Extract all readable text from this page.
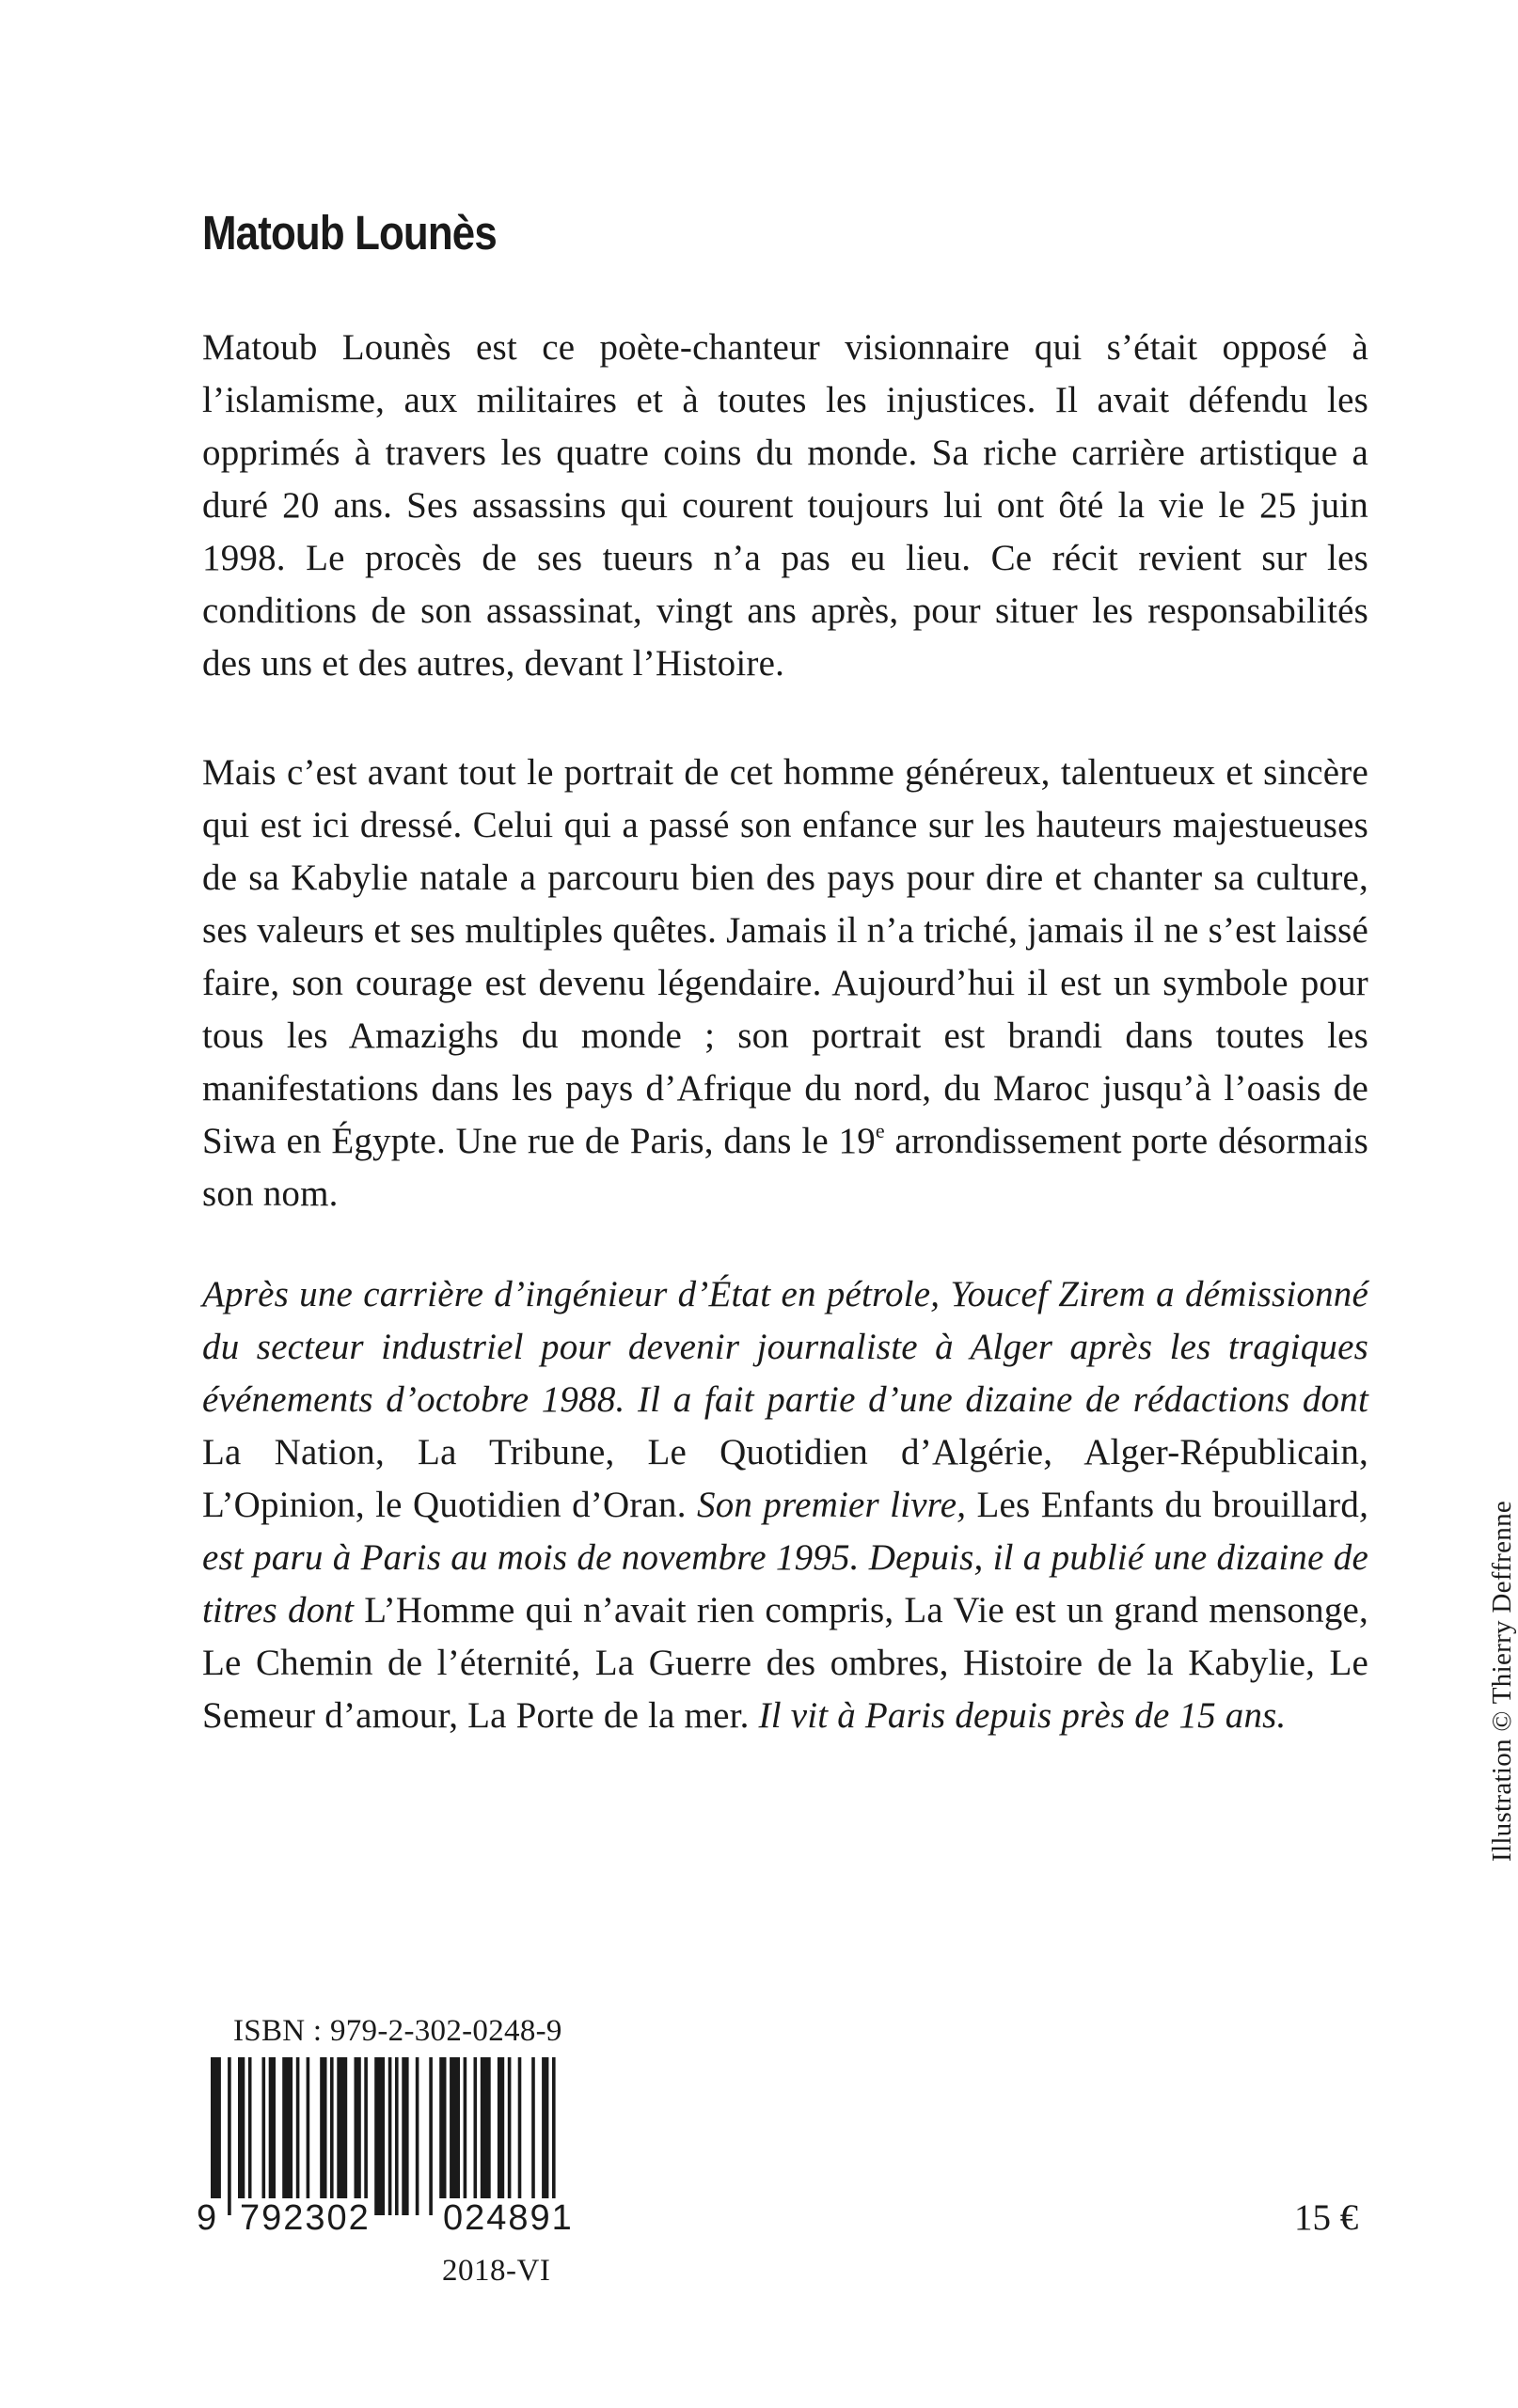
Matoub Lounès

Matoub Lounès est ce poète-chanteur visionnaire qui s’était opposé à l’islamisme, aux militaires et à toutes les injustices. Il avait défendu les opprimés à travers les quatre coins du monde. Sa riche carrière artistique a duré 20 ans. Ses assassins qui courent toujours lui ont ôté la vie le 25 juin 1998. Le procès de ses tueurs n’a pas eu lieu. Ce récit revient sur les conditions de son assassinat, vingt ans après, pour situer les responsabilités des uns et des autres, devant l’Histoire.

Mais c’est avant tout le portrait de cet homme généreux, talentueux et sincère qui est ici dressé. Celui qui a passé son enfance sur les hauteurs majestueuses de sa Kabylie natale a parcouru bien des pays pour dire et chanter sa culture, ses valeurs et ses multiples quêtes. Jamais il n’a triché, jamais il ne s’est laissé faire, son courage est devenu légendaire. Aujourd’hui il est un symbole pour tous les Amazighs du monde ; son portrait est brandi dans toutes les manifestations dans les pays d’Afrique du nord, du Maroc jusqu’à l’oasis de Siwa en Égypte. Une rue de Paris, dans le 19e arrondissement porte désormais son nom.

Après une carrière d’ingénieur d’État en pétrole, Youcef Zirem a démissionné du secteur industriel pour devenir journaliste à Alger après les tragiques événements d’octobre 1988. Il a fait partie d’une dizaine de rédactions dont La Nation, La Tribune, Le Quotidien d’Algérie, Alger-Républicain, L’Opinion, le Quotidien d’Oran. Son premier livre, Les Enfants du brouillard, est paru à Paris au mois de novembre 1995. Depuis, il a publié une dizaine de titres dont L’Homme qui n’avait rien compris, La Vie est un grand mensonge, Le Chemin de l’éternité, La Guerre des ombres, Histoire de la Kabylie, Le Semeur d’amour, La Porte de la mer. Il vit à Paris depuis près de 15 ans.

ISBN : 979-2-302-0248-9
9 792302 024891
2018-VI
15 €
Illustration © Thierry Deffrenne
